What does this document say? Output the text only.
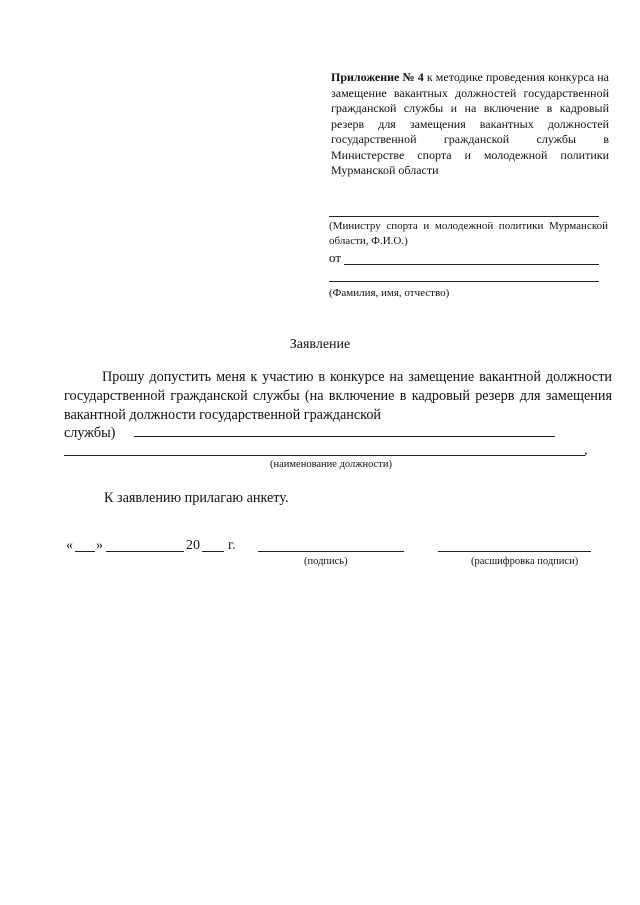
Приложение № 4 к методике проведения конкурса на замещение вакантных должностей государственной гражданской службы и на включение в кадровый резерв для замещения вакантных должностей государственной гражданской службы в Министерстве спорта и молодежной политики Мурманской области
(Министру спорта и молодежной политики Мурманской области, Ф.И.О.)
от
(Фамилия, имя, отчество)
Заявление
Прошу допустить меня к участию в конкурсе на замещение вакантной должности государственной гражданской службы (на включение в кадровый резерв для замещения вакантной должности государственной гражданской
службы)
,
(наименование должности)
К заявлению прилагаю анкету.
« »	20 г.
(подпись)	(расшифровка подписи)
